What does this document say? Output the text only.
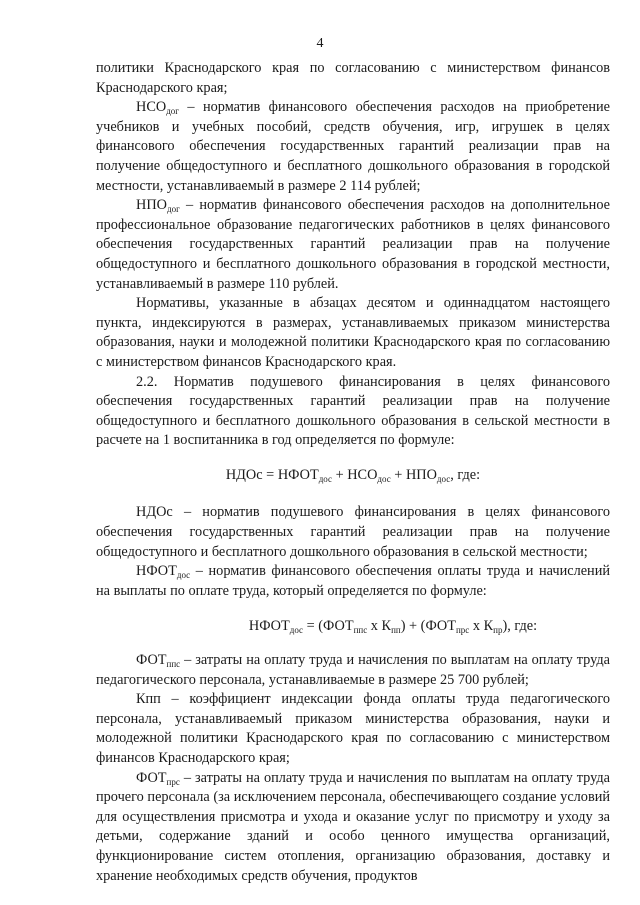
4

политики Краснодарского края по согласованию с министерством финансов Краснодарского края;

$НСО_{дог}$ – норматив финансового обеспечения расходов на приобретение учебников и учебных пособий, средств обучения, игр, игрушек в целях финансового обеспечения государственных гарантий реализации прав на получение общедоступного и бесплатного дошкольного образования в городской местности, устанавливаемый в размере 2 114 рублей;

$НПО_{дог}$ – норматив финансового обеспечения расходов на дополнительное профессиональное образование педагогических работников в целях финансового обеспечения государственных гарантий реализации прав на получение общедоступного и бесплатного дошкольного образования в городской местности, устанавливаемый в размере 110 рублей.

Нормативы, указанные в абзацах десятом и одиннадцатом настоящего пункта, индексируются в размерах, устанавливаемых приказом министерства образования, науки и молодежной политики Краснодарского края по согласованию с министерством финансов Краснодарского края.

2.2. Норматив подушевого финансирования в целях финансового обеспечения государственных гарантий реализации прав на получение общедоступного и бесплатного дошкольного образования в сельской местности в расчете на 1 воспитанника в год определяется по формуле:

НДОс = $НФОТ_{дос} + НСО_{дос} + НПО_{дос}$, где:

НДОс – норматив подушевого финансирования в целях финансового обеспечения государственных гарантий реализации прав на получение общедоступного и бесплатного дошкольного образования в сельской местности;

$НФОТ_{дос}$ – норматив финансового обеспечения оплаты труда и начислений на выплаты по оплате труда, который определяется по формуле:

$НФОТ_{дос} = (ФОТ_{ппс}$ х $К_{пп}) + (ФОТ_{прс}$ х $К_{пр}$), где:

$ФОТ_{ппс}$ – затраты на оплату труда и начисления по выплатам на оплату труда педагогического персонала, устанавливаемые в размере 25 700 рублей;

Кпп – коэффициент индексации фонда оплаты труда педагогического персонала, устанавливаемый приказом министерства образования, науки и молодежной политики Краснодарского края по согласованию с министерством финансов Краснодарского края;

$ФОТ_{прс}$ – затраты на оплату труда и начисления по выплатам на оплату труда прочего персонала (за исключением персонала, обеспечивающего создание условий для осуществления присмотра и ухода и оказание услуг по присмотру и уходу за детьми, содержание зданий и особо ценного имущества организаций, функционирование систем отопления, организацию образования, доставку и хранение необходимых средств обучения, продуктов
